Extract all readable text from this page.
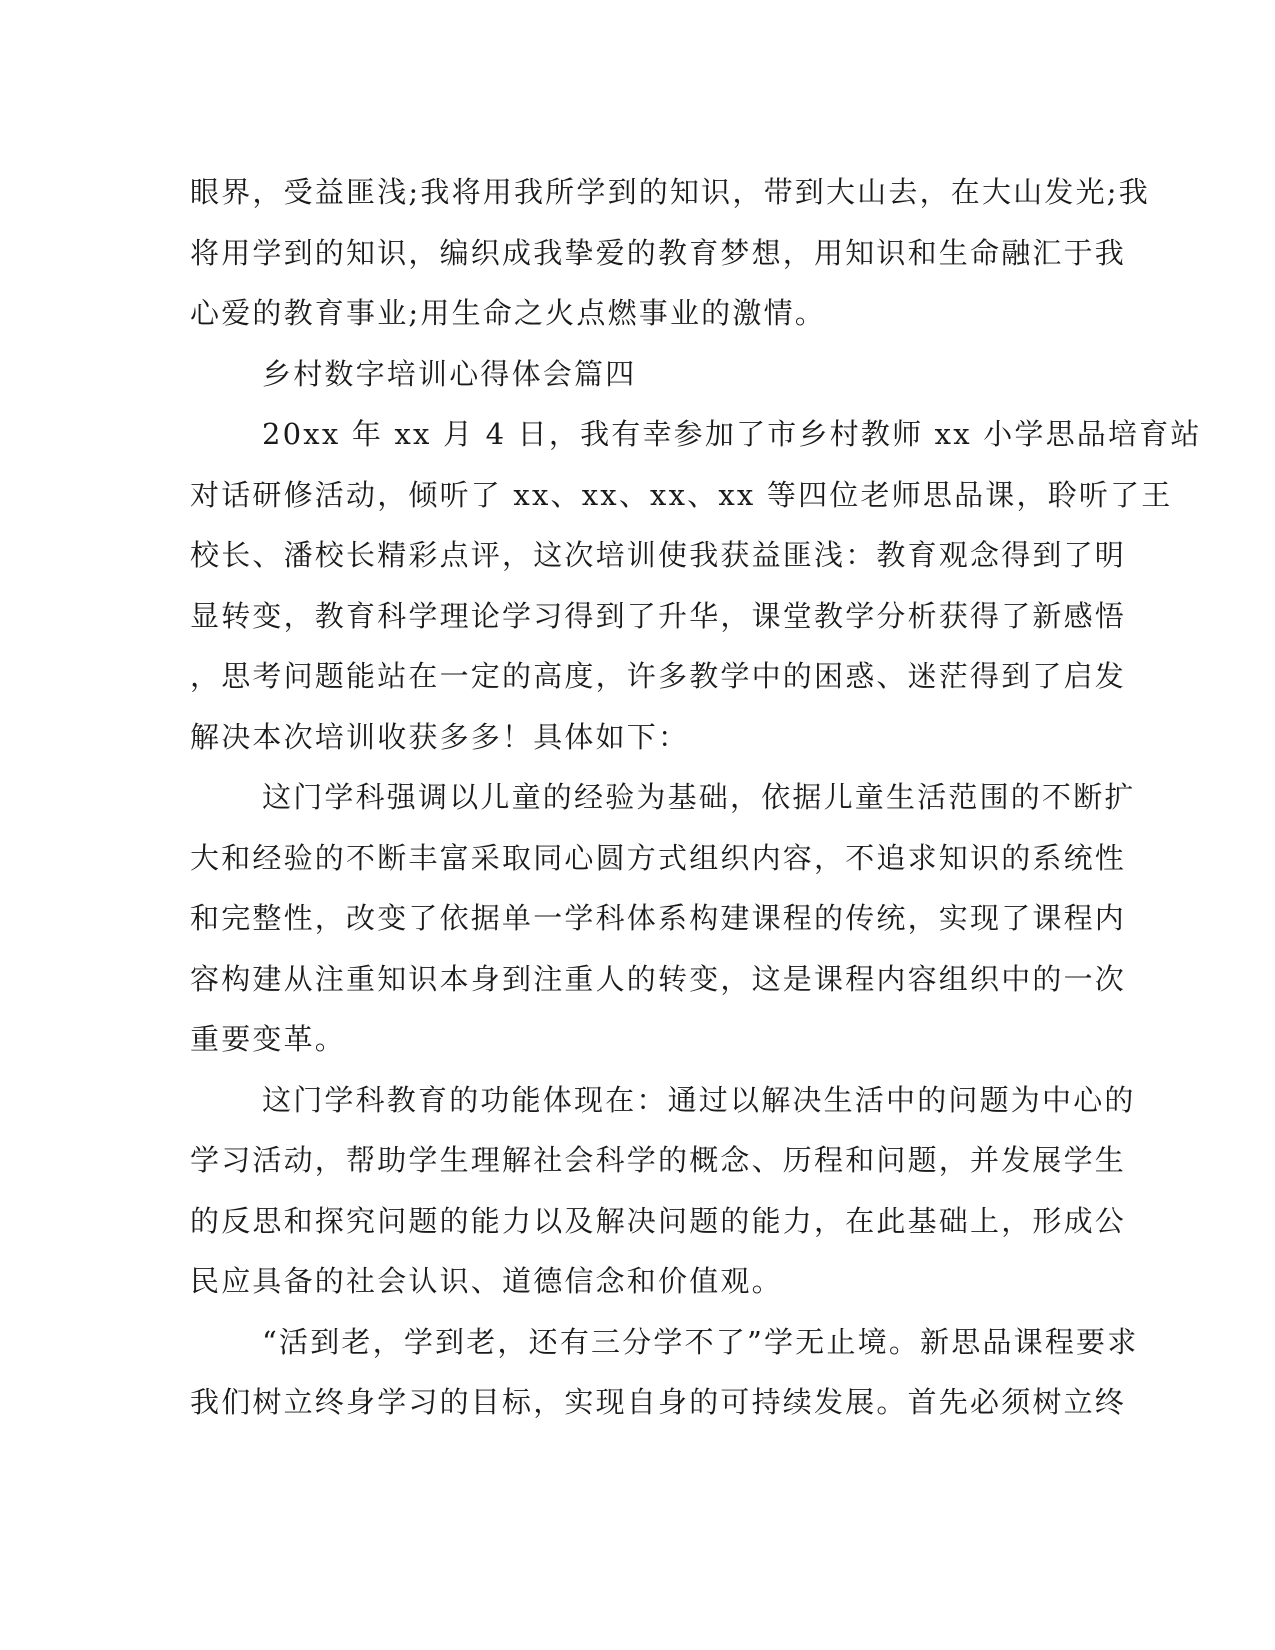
眼界，受益匪浅;我将用我所学到的知识，带到大山去，在大山发光;我
将用学到的知识，编织成我挚爱的教育梦想，用知识和生命融汇于我
心爱的教育事业;用生命之火点燃事业的激情。
乡村数字培训心得体会篇四
20xx 年 xx 月 4 日，我有幸参加了市乡村教师 xx 小学思品培育站
对话研修活动，倾听了 xx、xx、xx、xx 等四位老师思品课，聆听了王
校长、潘校长精彩点评，这次培训使我获益匪浅：教育观念得到了明
显转变，教育科学理论学习得到了升华，课堂教学分析获得了新感悟
，思考问题能站在一定的高度，许多教学中的困惑、迷茫得到了启发
解决本次培训收获多多！具体如下：
这门学科强调以儿童的经验为基础，依据儿童生活范围的不断扩
大和经验的不断丰富采取同心圆方式组织内容，不追求知识的系统性
和完整性，改变了依据单一学科体系构建课程的传统，实现了课程内
容构建从注重知识本身到注重人的转变，这是课程内容组织中的一次
重要变革。
这门学科教育的功能体现在：通过以解决生活中的问题为中心的
学习活动，帮助学生理解社会科学的概念、历程和问题，并发展学生
的反思和探究问题的能力以及解决问题的能力，在此基础上，形成公
民应具备的社会认识、道德信念和价值观。
“活到老，学到老，还有三分学不了”学无止境。新思品课程要求
我们树立终身学习的目标，实现自身的可持续发展。首先必须树立终
